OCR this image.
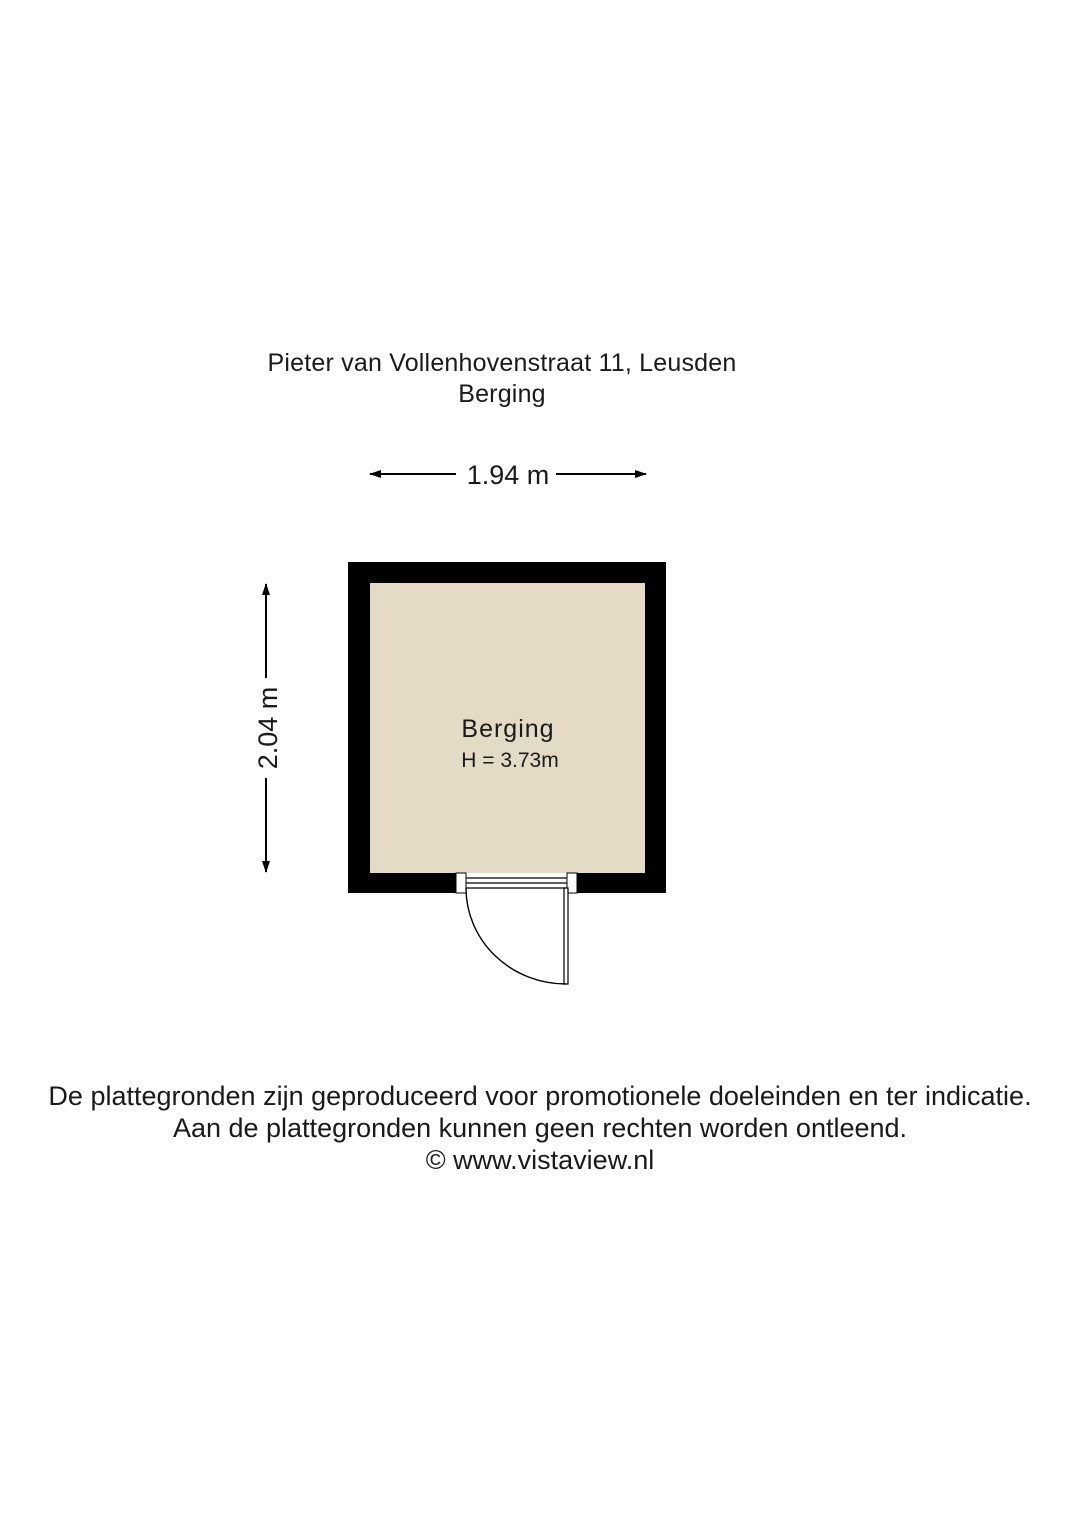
Pieter van Vollenhovenstraat 11, Leusden
Berging
1.94 m
2.04 m	Berging
H = 3.73m
De plattegronden zijn geproduceerd voor promotionele doeleinden en ter indicatie.
Aan de plattegronden kunnen geen rechten worden ontleend.
© www.vistaview.nl
